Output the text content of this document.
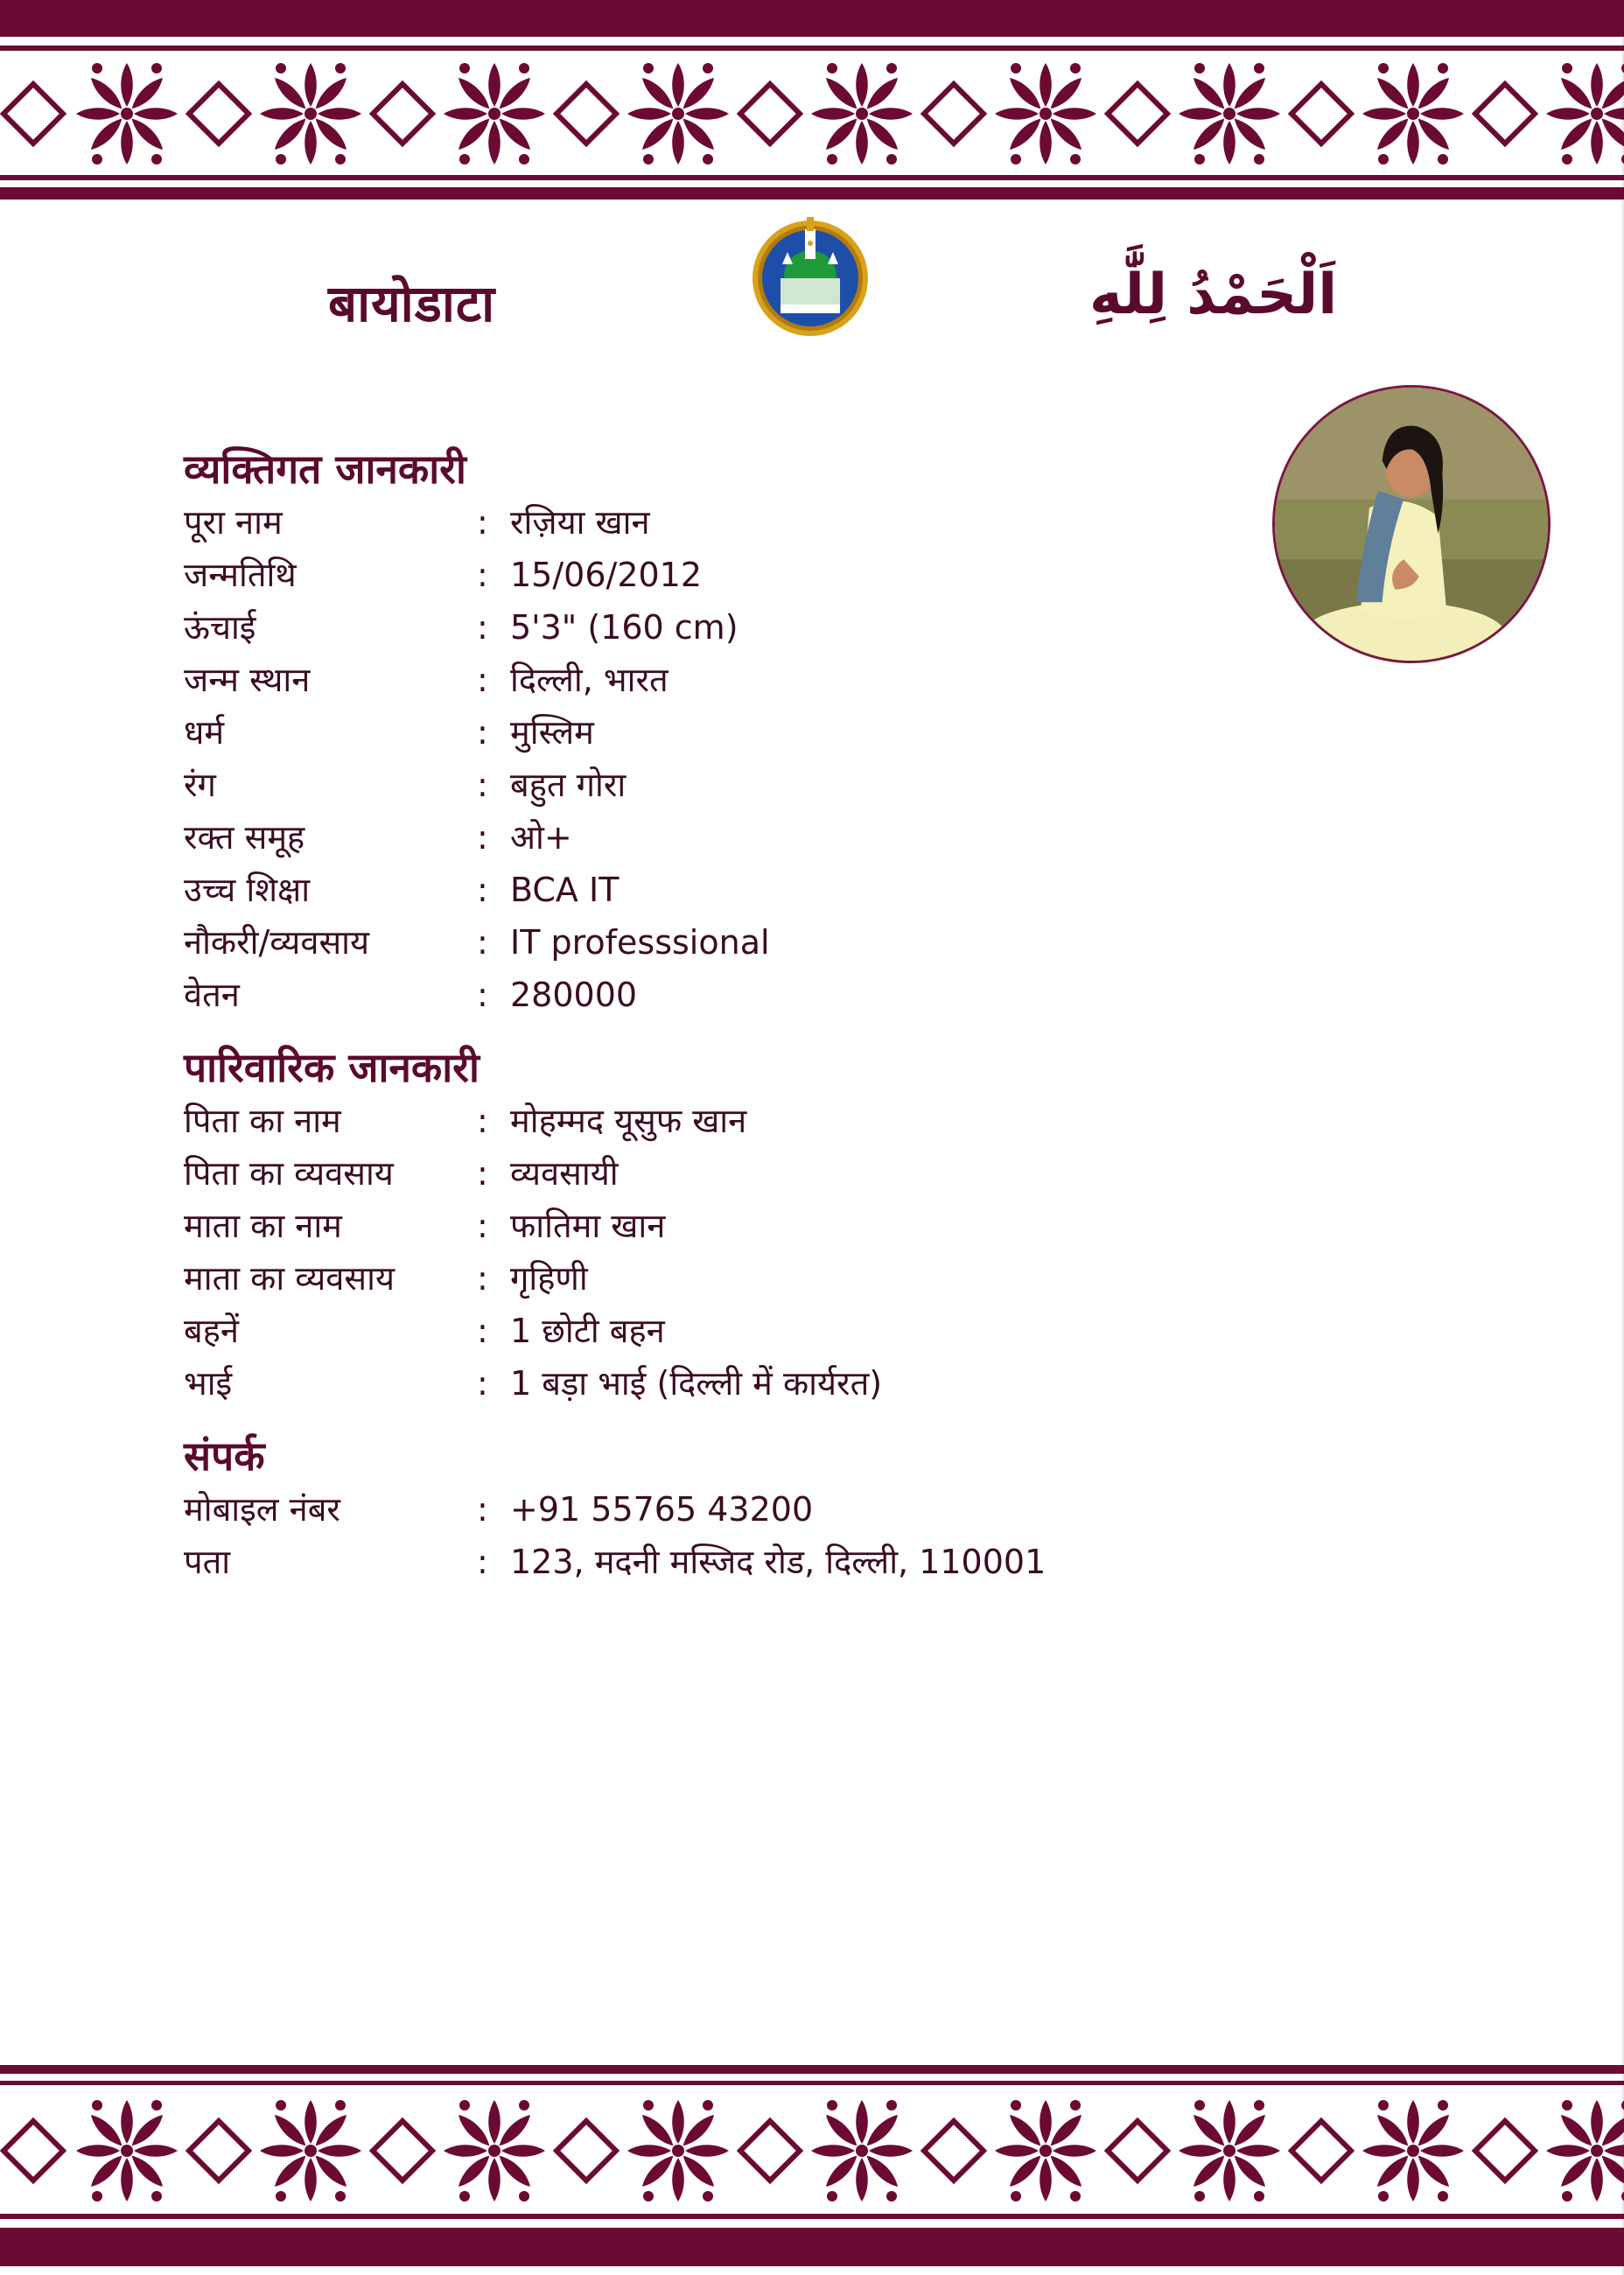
बायोडाटा	اَلْحَمْدُ لِلَّٰهِ
व्यक्तिगत जानकारी
पूरा नाम	: रज़िया खान
जन्मतिथि	: 15/06/2012
ऊंचाई	: 5'3" (160 cm)
जन्म स्थान	: दिल्ली, भारत
धर्म	: मुस्लिम
रंग	: बहुत गोरा
रक्त समूह	: ओ+
उच्च शिक्षा	: BCA IT
नौकरी/व्यवसाय	: IT professsional
वेतन	: 280000
पारिवारिक जानकारी
पिता का नाम	: मोहम्मद यूसुफ खान
पिता का व्यवसाय	: व्यवसायी
माता का नाम	: फातिमा खान
माता का व्यवसाय	: गृहिणी
बहनें	: 1 छोटी बहन
भाई	: 1 बड़ा भाई (दिल्ली में कार्यरत)
संपर्क
मोबाइल नंबर	: +91 55765 43200
पता	: 123, मदनी मस्जिद रोड, दिल्ली, 110001
